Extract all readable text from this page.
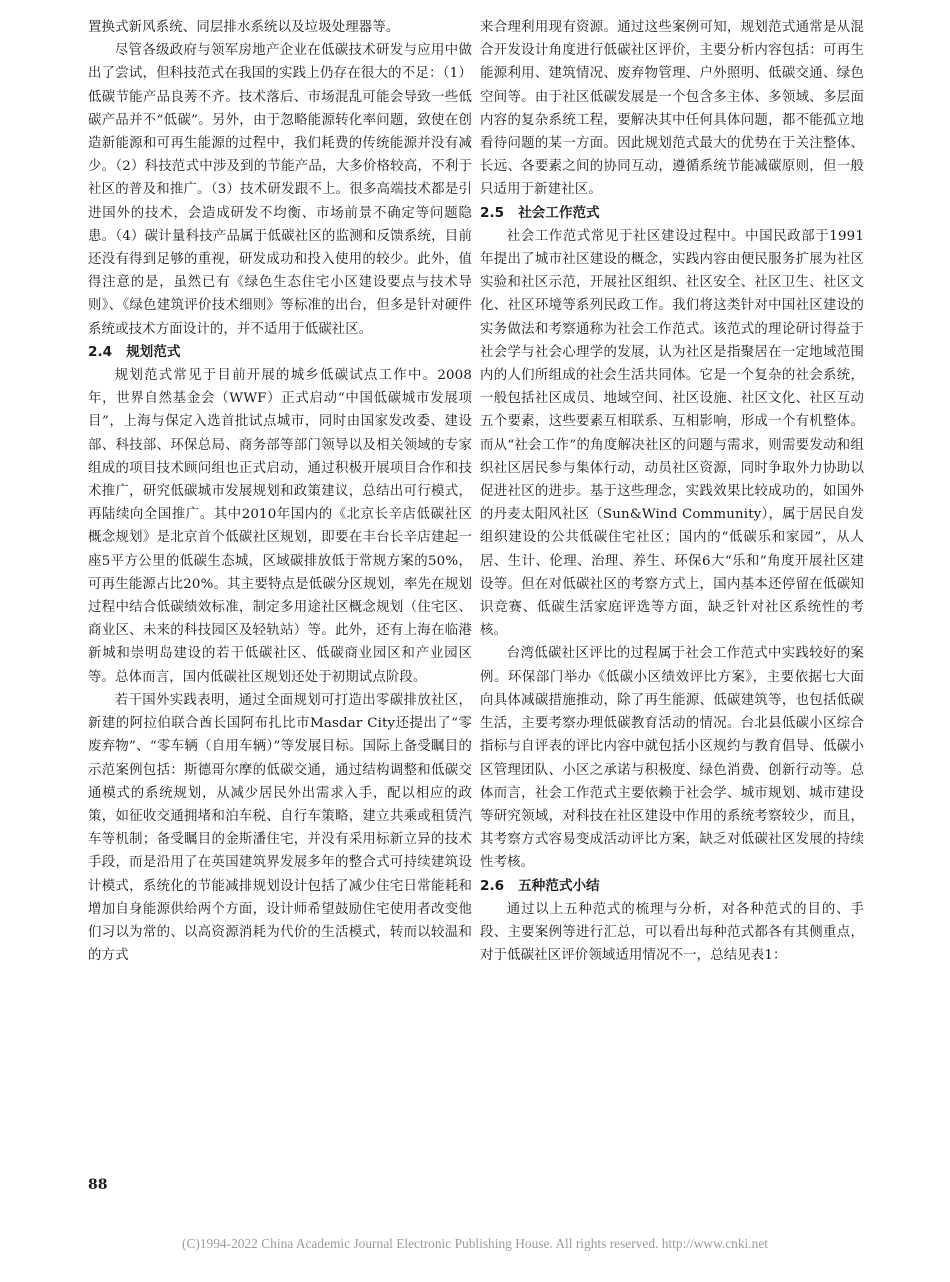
置换式新风系统、同层排水系统以及垃圾处理器等。

尽管各级政府与领军房地产企业在低碳技术研发与应用中做出了尝试，但科技范式在我国的实践上仍存在很大的不足：（1）低碳节能产品良莠不齐。技术落后、市场混乱可能会导致一些低碳产品并不“低碳”。另外，由于忽略能源转化率问题，致使在创造新能源和可再生能源的过程中，我们耗费的传统能源并没有减少。（2）科技范式中涉及到的节能产品，大多价格较高，不利于社区的普及和推广。（3）技术研发跟不上。很多高端技术都是引进国外的技术，会造成研发不均衡、市场前景不确定等问题隐患。（4）碳计量科技产品属于低碳社区的监测和反馈系统，目前还没有得到足够的重视，研发成功和投入使用的较少。此外，值得注意的是，虽然已有《绿色生态住宅小区建设要点与技术导则》、《绿色建筑评价技术细则》等标准的出台，但多是针对硬件系统或技术方面设计的，并不适用于低碳社区。

2.4 规划范式

规划范式常见于目前开展的城乡低碳试点工作中。2008年，世界自然基金会（WWF）正式启动“中国低碳城市发展项目”，上海与保定入选首批试点城市，同时由国家发改委、建设部、科技部、环保总局、商务部等部门领导以及相关领域的专家组成的项目技术顾问组也正式启动，通过积极开展项目合作和技术推广，研究低碳城市发展规划和政策建议，总结出可行模式，再陆续向全国推广。其中2010年国内的《北京长辛店低碳社区概念规划》是北京首个低碳社区规划，即要在丰台长辛店建起一座5平方公里的低碳生态城，区域碳排放低于常规方案的50%，可再生能源占比20%。其主要特点是低碳分区规划，率先在规划过程中结合低碳绩效标准，制定多用途社区概念规划（住宅区、商业区、未来的科技园区及轻轨站）等。此外，还有上海在临港新城和崇明岛建设的若干低碳社区、低碳商业园区和产业园区等。总体而言，国内低碳社区规划还处于初期试点阶段。

若干国外实践表明，通过全面规划可打造出零碳排放社区，新建的阿拉伯联合酋长国阿布扎比市Masdar City还提出了“零废弃物”、“零车辆（自用车辆）”等发展目标。国际上备受瞩目的示范案例包括：斯德哥尔摩的低碳交通，通过结构调整和低碳交通模式的系统规划，从减少居民外出需求入手，配以相应的政策，如征收交通拥堵和泊车税、自行车策略，建立共乘或租赁汽车等机制；备受瞩目的金斯潘住宅，并没有采用标新立异的技术手段，而是沿用了在英国建筑界发展多年的整合式可持续建筑设计模式，系统化的节能减排规划设计包括了减少住宅日常能耗和增加自身能源供给两个方面，设计师希望鼓励住宅使用者改变他们习以为常的、以高资源消耗为代价的生活模式，转而以较温和的方式

来合理利用现有资源。通过这些案例可知，规划范式通常是从混合开发设计角度进行低碳社区评价，主要分析内容包括：可再生能源利用、建筑情况、废弃物管理、户外照明、低碳交通、绿色空间等。由于社区低碳发展是一个包含多主体、多领域、多层面内容的复杂系统工程，要解决其中任何具体问题，都不能孤立地看待问题的某一方面。因此规划范式最大的优势在于关注整体、长远、各要素之间的协同互动，遵循系统节能减碳原则，但一般只适用于新建社区。

2.5 社会工作范式

社会工作范式常见于社区建设过程中。中国民政部于1991年提出了城市社区建设的概念，实践内容由便民服务扩展为社区实验和社区示范，开展社区组织、社区安全、社区卫生、社区文化、社区环境等系列民政工作。我们将这类针对中国社区建设的实务做法和考察通称为社会工作范式。该范式的理论研讨得益于社会学与社会心理学的发展，认为社区是指聚居在一定地域范围内的人们所组成的社会生活共同体。它是一个复杂的社会系统，一般包括社区成员、地域空间、社区设施、社区文化、社区互动五个要素，这些要素互相联系、互相影响，形成一个有机整体。而从“社会工作”的角度解决社区的问题与需求，则需要发动和组织社区居民参与集体行动，动员社区资源，同时争取外力协助以促进社区的进步。基于这些理念，实践效果比较成功的，如国外的丹麦太阳风社区（Sun&Wind Community），属于居民自发组织建设的公共低碳住宅社区；国内的“低碳乐和家园”，从人居、生计、伦理、治理、养生、环保6大“乐和”角度开展社区建设等。但在对低碳社区的考察方式上，国内基本还停留在低碳知识竞赛、低碳生活家庭评选等方面，缺乏针对社区系统性的考核。

台湾低碳社区评比的过程属于社会工作范式中实践较好的案例。环保部门举办《低碳小区绩效评比方案》，主要依据七大面向具体减碳措施推动，除了再生能源、低碳建筑等，也包括低碳生活，主要考察办理低碳教育活动的情况。台北县低碳小区综合指标与自评表的评比内容中就包括小区规约与教育倡导、低碳小区管理团队、小区之承诺与积极度、绿色消费、创新行动等。总体而言，社会工作范式主要依赖于社会学、城市规划、城市建设等研究领域，对科技在社区建设中作用的系统考察较少，而且，其考察方式容易变成活动评比方案，缺乏对低碳社区发展的持续性考核。

2.6 五种范式小结

通过以上五种范式的梳理与分析，对各种范式的目的、手段、主要案例等进行汇总，可以看出每种范式都各有其侧重点，对于低碳社区评价领域适用情况不一，总结见表1：

88
(C)1994-2022 China Academic Journal Electronic Publishing House. All rights reserved. http://www.cnki.net
